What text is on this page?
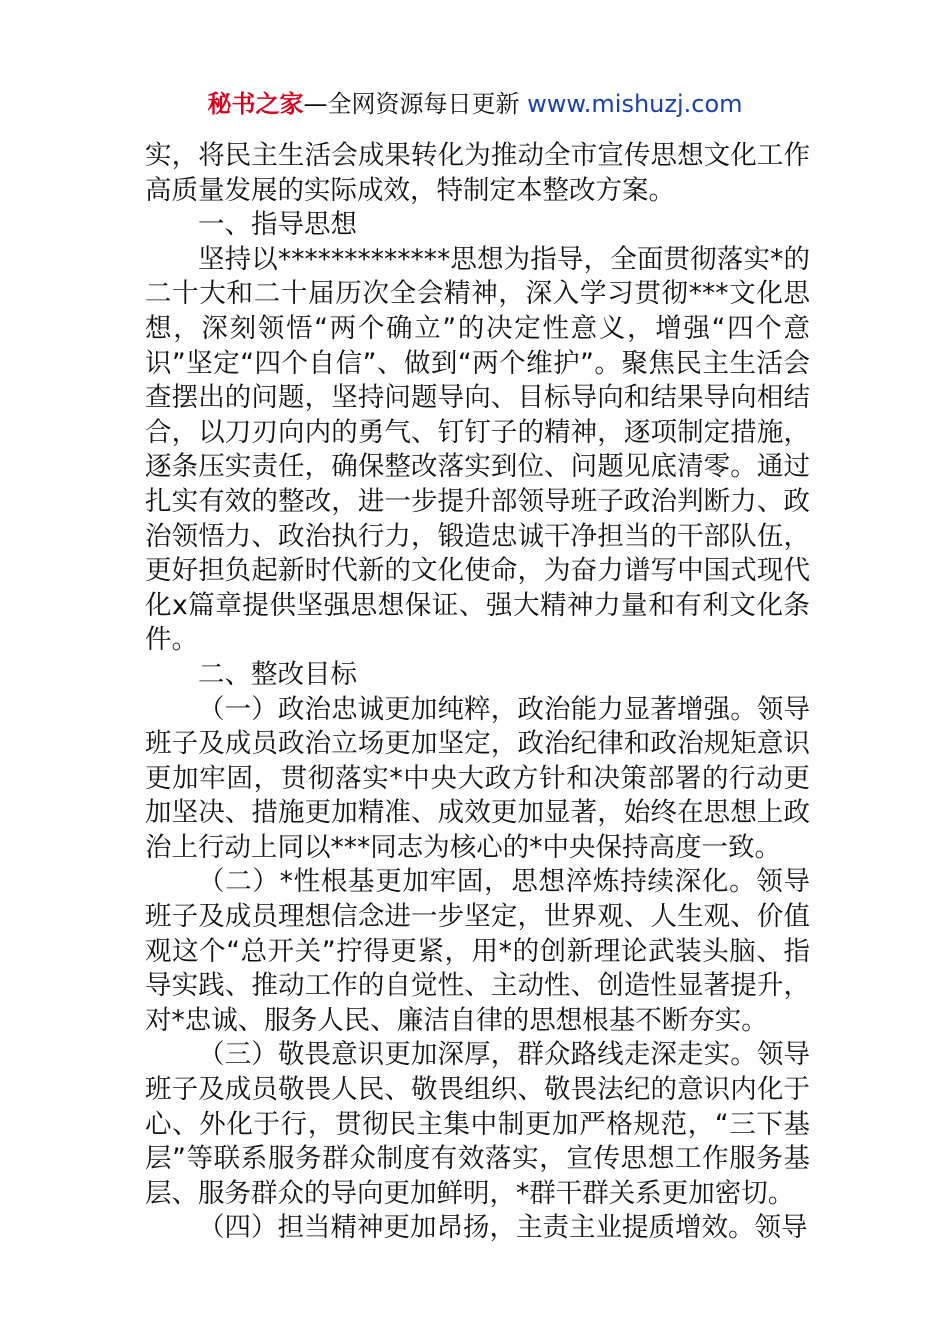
秘书之家—全网资源每日更新 www.mishuzj.com

实，将民主生活会成果转化为推动全市宣传思想文化工作高质量发展的实际成效，特制定本整改方案。

一、指导思想

坚持以*************思想为指导，全面贯彻落实*的二十大和二十届历次全会精神，深入学习贯彻***文化思想，深刻领悟“两个确立”的决定性意义，增强“四个意识”坚定“四个自信”、做到“两个维护”。聚焦民主生活会查摆出的问题，坚持问题导向、目标导向和结果导向相结合，以刀刃向内的勇气、钉钉子的精神，逐项制定措施，逐条压实责任，确保整改落实到位、问题见底清零。通过扎实有效的整改，进一步提升部领导班子政治判断力、政治领悟力、政治执行力，锻造忠诚干净担当的干部队伍，更好担负起新时代新的文化使命，为奋力谱写中国式现代化x篇章提供坚强思想保证、强大精神力量和有利文化条件。

二、整改目标

（一）政治忠诚更加纯粹，政治能力显著增强。领导班子及成员政治立场更加坚定，政治纪律和政治规矩意识更加牢固，贯彻落实*中央大政方针和决策部署的行动更加坚决、措施更加精准、成效更加显著，始终在思想上政治上行动上同以***同志为核心的*中央保持高度一致。

（二）*性根基更加牢固，思想淬炼持续深化。领导班子及成员理想信念进一步坚定，世界观、人生观、价值观这个“总开关”拧得更紧，用*的创新理论武装头脑、指导实践、推动工作的自觉性、主动性、创造性显著提升，对*忠诚、服务人民、廉洁自律的思想根基不断夯实。

（三）敬畏意识更加深厚，群众路线走深走实。领导班子及成员敬畏人民、敬畏组织、敬畏法纪的意识内化于心、外化于行，贯彻民主集中制更加严格规范，“三下基层”等联系服务群众制度有效落实，宣传思想工作服务基层、服务群众的导向更加鲜明，*群干群关系更加密切。

（四）担当精神更加昂扬，主责主业提质增效。领导
